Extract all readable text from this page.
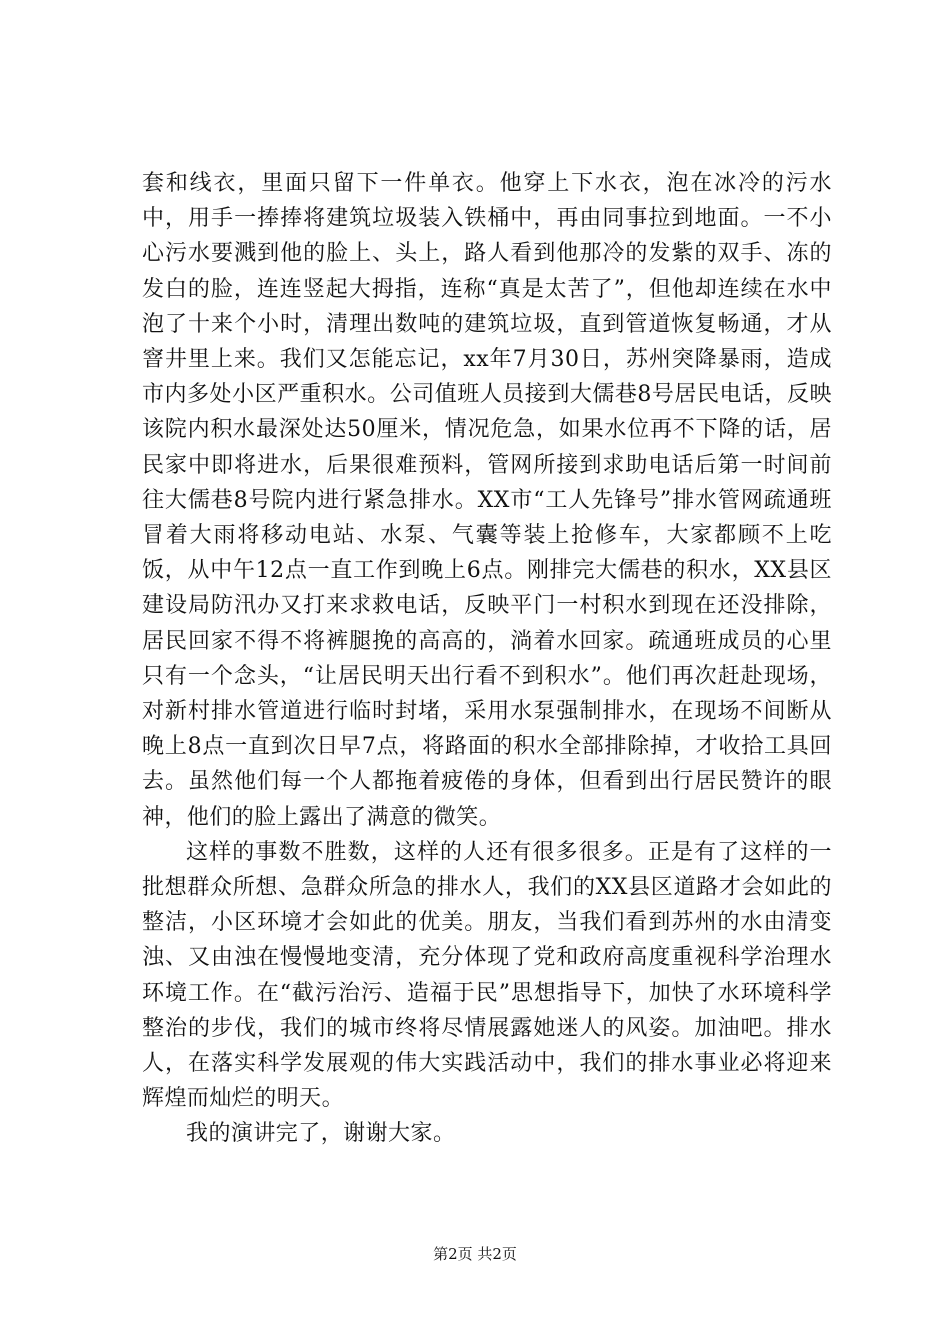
套和线衣，里面只留下一件单衣。他穿上下水衣，泡在冰冷的污水中，用手一捧捧将建筑垃圾装入铁桶中，再由同事拉到地面。一不小心污水要溅到他的脸上、头上，路人看到他那冷的发紫的双手、冻的发白的脸，连连竖起大拇指，连称“真是太苦了”，但他却连续在水中泡了十来个小时，清理出数吨的建筑垃圾，直到管道恢复畅通，才从窨井里上来。我们又怎能忘记，xx年7月30日，苏州突降暴雨，造成市内多处小区严重积水。公司值班人员接到大儒巷8号居民电话，反映该院内积水最深处达50厘米，情况危急，如果水位再不下降的话，居民家中即将进水，后果很难预料，管网所接到求助电话后第一时间前往大儒巷8号院内进行紧急排水。XX市“工人先锋号”排水管网疏通班冒着大雨将移动电站、水泵、气囊等装上抢修车，大家都顾不上吃饭，从中午12点一直工作到晚上6点。刚排完大儒巷的积水，XX县区建设局防汛办又打来求救电话，反映平门一村积水到现在还没排除，居民回家不得不将裤腿挽的高高的，淌着水回家。疏通班成员的心里只有一个念头，“让居民明天出行看不到积水”。他们再次赶赴现场，对新村排水管道进行临时封堵，采用水泵强制排水，在现场不间断从晚上8点一直到次日早7点，将路面的积水全部排除掉，才收拾工具回去。虽然他们每一个人都拖着疲倦的身体，但看到出行居民赞许的眼神，他们的脸上露出了满意的微笑。

这样的事数不胜数，这样的人还有很多很多。正是有了这样的一批想群众所想、急群众所急的排水人，我们的XX县区道路才会如此的整洁，小区环境才会如此的优美。朋友，当我们看到苏州的水由清变浊、又由浊在慢慢地变清，充分体现了党和政府高度重视科学治理水环境工作。在“截污治污、造福于民”思想指导下，加快了水环境科学整治的步伐，我们的城市终将尽情展露她迷人的风姿。加油吧。排水人，在落实科学发展观的伟大实践活动中，我们的排水事业必将迎来辉煌而灿烂的明天。

我的演讲完了，谢谢大家。

第2页 共2页
